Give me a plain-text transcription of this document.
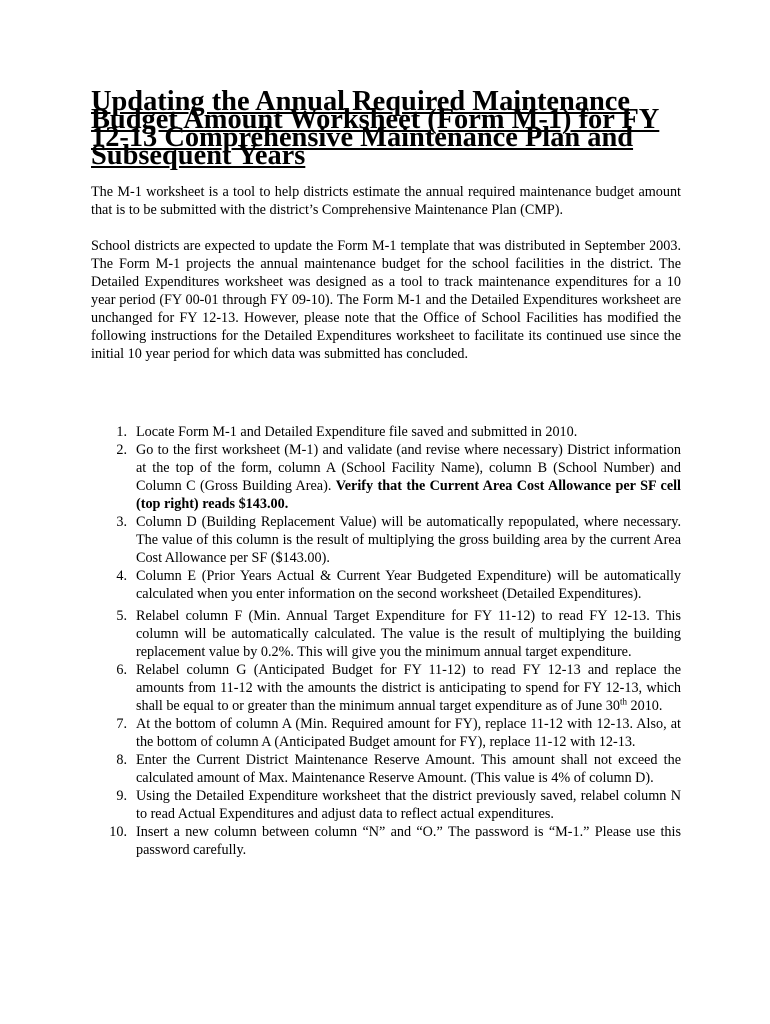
Updating the Annual Required Maintenance Budget Amount Worksheet (Form M-1) for FY 12-13 Comprehensive Maintenance Plan and Subsequent Years

The M-1 worksheet is a tool to help districts estimate the annual required maintenance budget amount that is to be submitted with the district’s Comprehensive Maintenance Plan (CMP).

School districts are expected to update the Form M-1 template that was distributed in September 2003. The Form M-1 projects the annual maintenance budget for the school facilities in the district. The Detailed Expenditures worksheet was designed as a tool to track maintenance expenditures for a 10 year period (FY 00-01 through FY 09-10). The Form M-1 and the Detailed Expenditures worksheet are unchanged for FY 12-13. However, please note that the Office of School Facilities has modified the following instructions for the Detailed Expenditures worksheet to facilitate its continued use since the initial 10 year period for which data was submitted has concluded.

1. Locate Form M-1 and Detailed Expenditure file saved and submitted in 2010.
2. Go to the first worksheet (M-1) and validate (and revise where necessary) District information at the top of the form, column A (School Facility Name), column B (School Number) and Column C (Gross Building Area). Verify that the Current Area Cost Allowance per SF cell (top right) reads $143.00.
3. Column D (Building Replacement Value) will be automatically repopulated, where necessary. The value of this column is the result of multiplying the gross building area by the current Area Cost Allowance per SF ($143.00).
4. Column E (Prior Years Actual & Current Year Budgeted Expenditure) will be automatically calculated when you enter information on the second worksheet (Detailed Expenditures).
5. Relabel column F (Min. Annual Target Expenditure for FY 11-12) to read FY 12-13. This column will be automatically calculated. The value is the result of multiplying the building replacement value by 0.2%. This will give you the minimum annual target expenditure.
6. Relabel column G (Anticipated Budget for FY 11-12) to read FY 12-13 and replace the amounts from 11-12 with the amounts the district is anticipating to spend for FY 12-13, which shall be equal to or greater than the minimum annual target expenditure as of June 30th 2010.
7. At the bottom of column A (Min. Required amount for FY), replace 11-12 with 12-13. Also, at the bottom of column A (Anticipated Budget amount for FY), replace 11-12 with 12-13.
8. Enter the Current District Maintenance Reserve Amount. This amount shall not exceed the calculated amount of Max. Maintenance Reserve Amount. (This value is 4% of column D).
9. Using the Detailed Expenditure worksheet that the district previously saved, relabel column N to read Actual Expenditures and adjust data to reflect actual expenditures.
10. Insert a new column between column “N” and “O.” The password is “M-1.” Please use this password carefully.
